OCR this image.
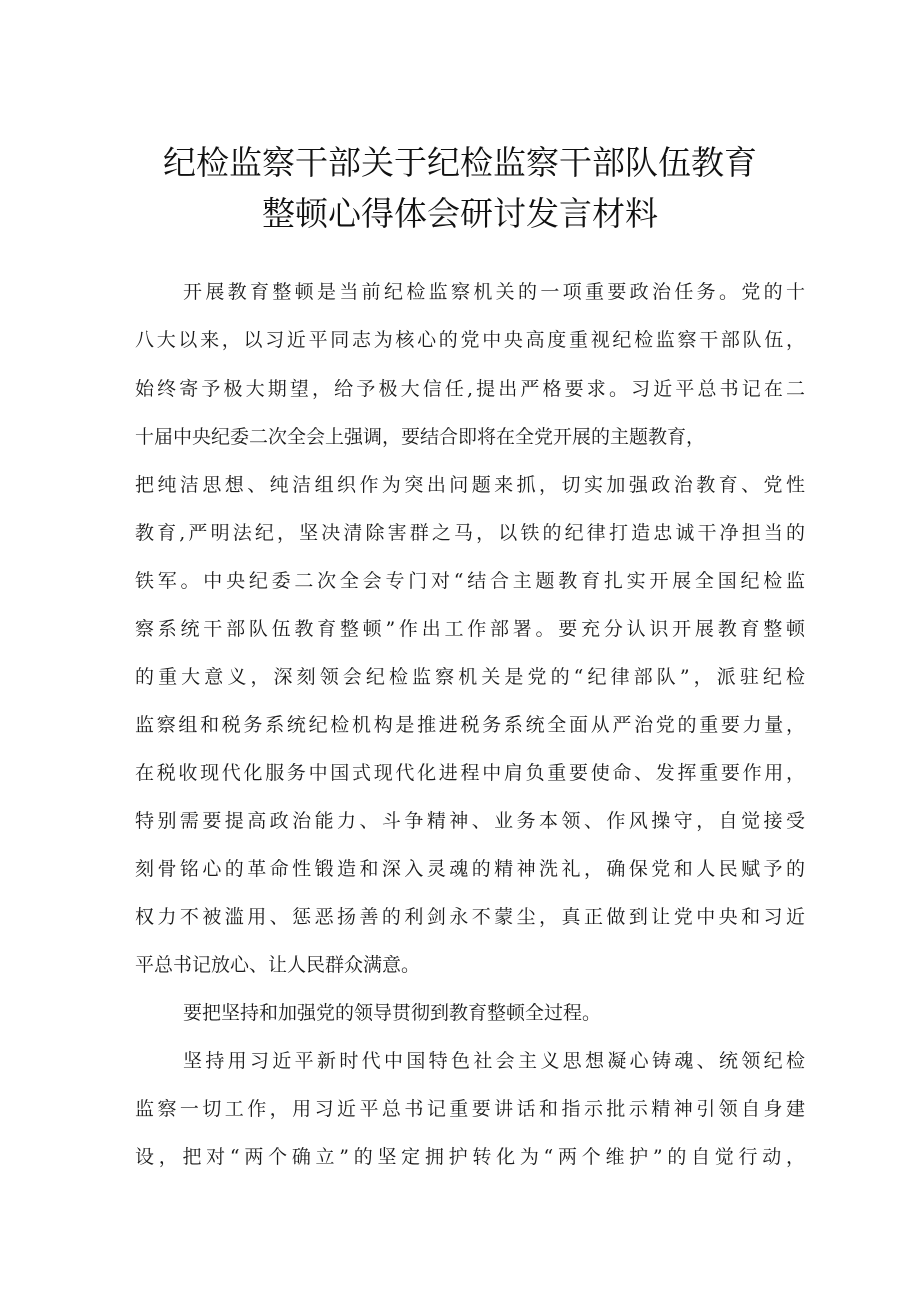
纪检监察干部关于纪检监察干部队伍教育
整顿心得体会研讨发言材料
开展教育整顿是当前纪检监察机关的一项重要政治任务。党的十
八大以来，以习近平同志为核心的党中央高度重视纪检监察干部队伍，
始终寄予极大期望，给予极大信任,提出严格要求。习近平总书记在二
十届中央纪委二次全会上强调，要结合即将在全党开展的主题教育，
把纯洁思想、纯洁组织作为突出问题来抓，切实加强政治教育、党性
教育,严明法纪，坚决清除害群之马，以铁的纪律打造忠诚干净担当的
铁军。中央纪委二次全会专门对“结合主题教育扎实开展全国纪检监
察系统干部队伍教育整顿”作出工作部署。要充分认识开展教育整顿
的重大意义，深刻领会纪检监察机关是党的“纪律部队”，派驻纪检
监察组和税务系统纪检机构是推进税务系统全面从严治党的重要力量，
在税收现代化服务中国式现代化进程中肩负重要使命、发挥重要作用，
特别需要提高政治能力、斗争精神、业务本领、作风操守，自觉接受
刻骨铭心的革命性锻造和深入灵魂的精神洗礼，确保党和人民赋予的
权力不被滥用、惩恶扬善的利剑永不蒙尘，真正做到让党中央和习近
平总书记放心、让人民群众满意。
要把坚持和加强党的领导贯彻到教育整顿全过程。
坚持用习近平新时代中国特色社会主义思想凝心铸魂、统领纪检
监察一切工作，用习近平总书记重要讲话和指示批示精神引领自身建
设，把对“两个确立”的坚定拥护转化为“两个维护”的自觉行动，
